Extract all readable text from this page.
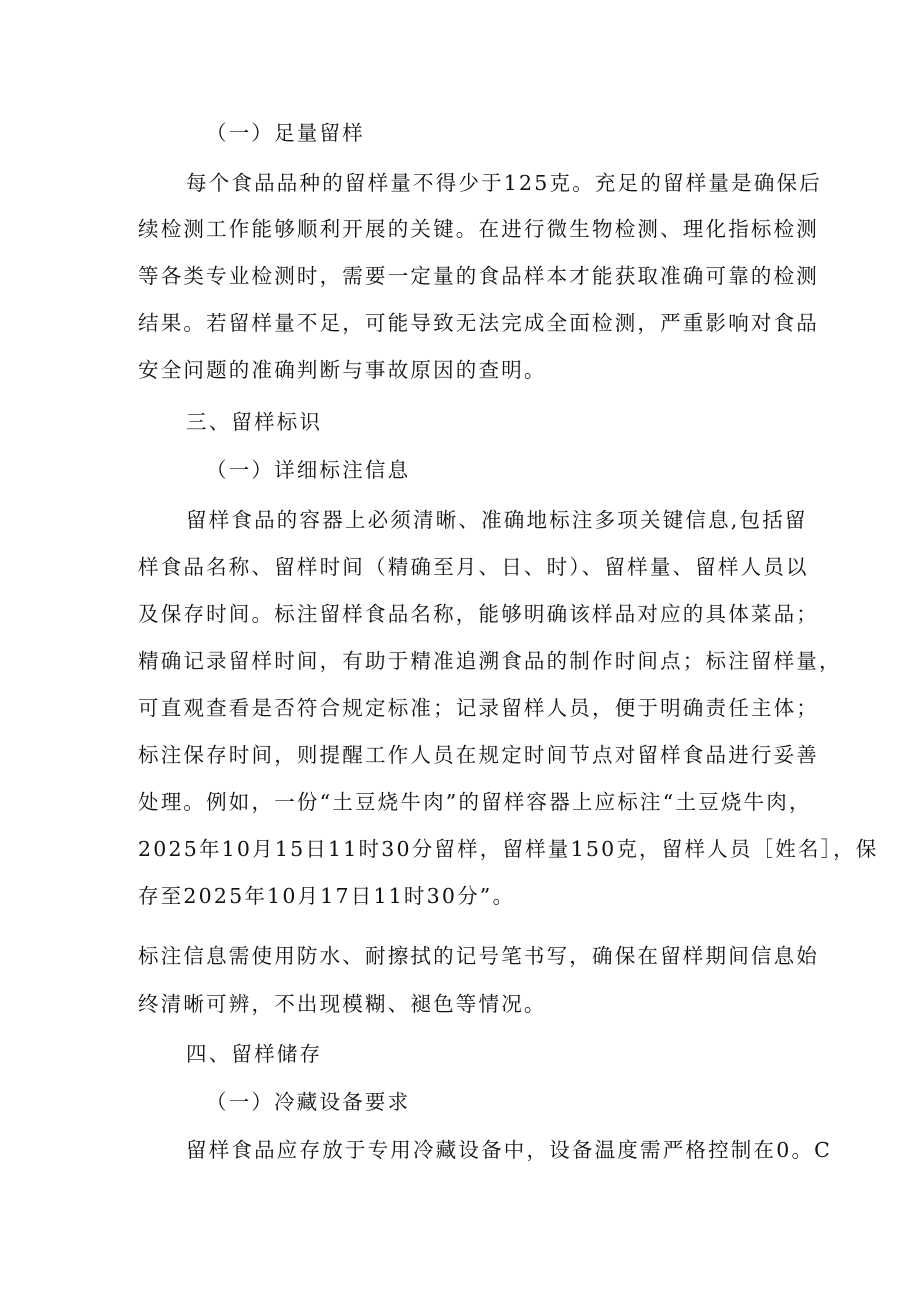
（一）足量留样
每个食品品种的留样量不得少于125克。充足的留样量是确保后
续检测工作能够顺利开展的关键。在进行微生物检测、理化指标检测
等各类专业检测时，需要一定量的食品样本才能获取准确可靠的检测
结果。若留样量不足，可能导致无法完成全面检测，严重影响对食品
安全问题的准确判断与事故原因的查明。
三、留样标识
（一）详细标注信息
留样食品的容器上必须清晰、准确地标注多项关键信息,包括留
样食品名称、留样时间（精确至月、日、时）、留样量、留样人员以
及保存时间。标注留样食品名称，能够明确该样品对应的具体菜品；
精确记录留样时间，有助于精准追溯食品的制作时间点；标注留样量，
可直观查看是否符合规定标准；记录留样人员，便于明确责任主体；
标注保存时间，则提醒工作人员在规定时间节点对留样食品进行妥善
处理。例如，一份“土豆烧牛肉”的留样容器上应标注“土豆烧牛肉，
2025年10月15日11时30分留样，留样量150克，留样人员［姓名］，保
存至2025年10月17日11时30分”。
标注信息需使用防水、耐擦拭的记号笔书写，确保在留样期间信息始
终清晰可辨，不出现模糊、褪色等情况。
四、留样储存
（一）冷藏设备要求
留样食品应存放于专用冷藏设备中，设备温度需严格控制在0。C
